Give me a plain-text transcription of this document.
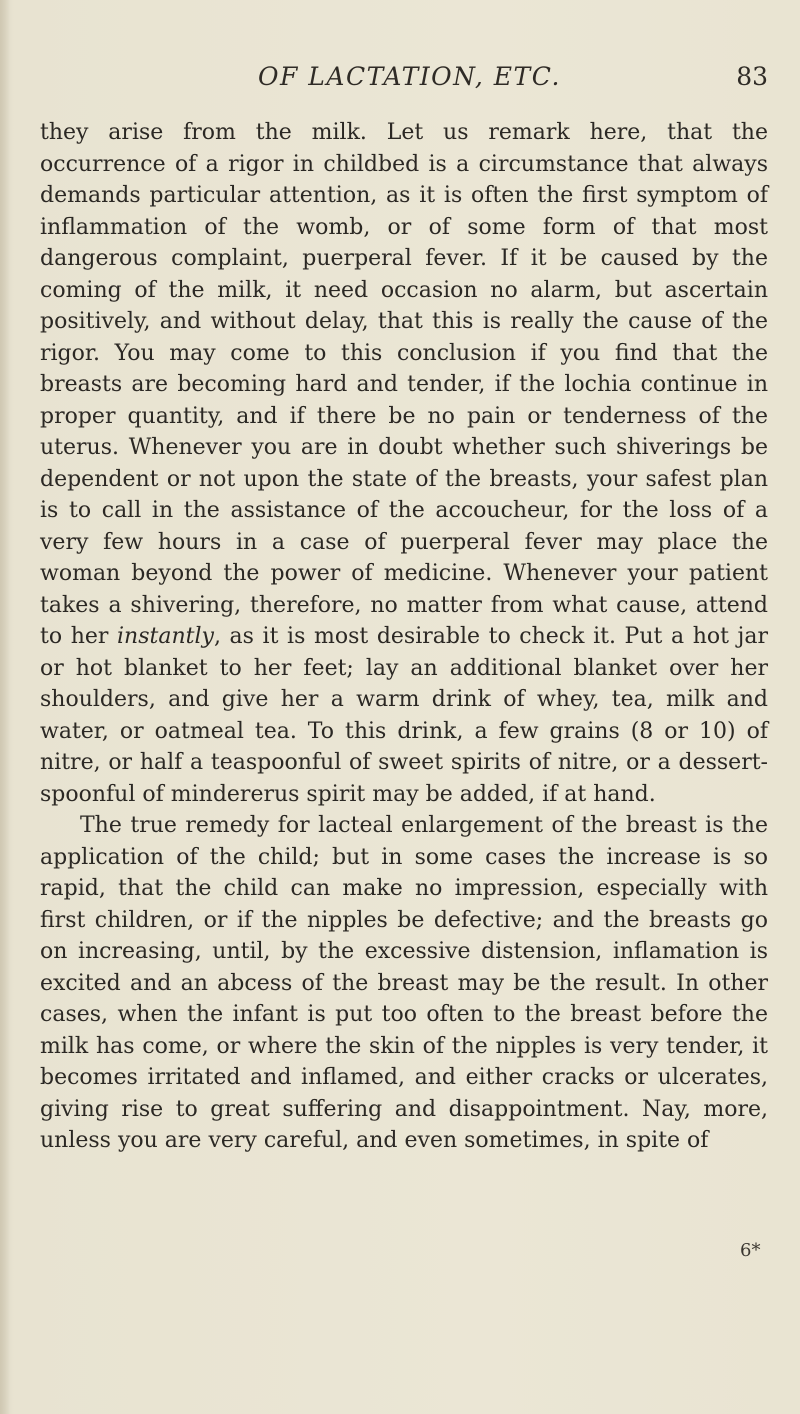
OF LACTATION, ETC.	83

they arise from the milk. Let us remark here, that the occurrence of a rigor in childbed is a circumstance that always demands particular attention, as it is often the first symptom of inflammation of the womb, or of some form of that most dangerous complaint, puerperal fever. If it be caused by the coming of the milk, it need occasion no alarm, but ascertain positively, and without delay, that this is really the cause of the rigor. You may come to this conclusion if you find that the breasts are becoming hard and tender, if the lochia continue in proper quantity, and if there be no pain or tenderness of the uterus. Whenever you are in doubt whether such shiverings be dependent or not upon the state of the breasts, your safest plan is to call in the assistance of the accoucheur, for the loss of a very few hours in a case of puerperal fever may place the woman beyond the power of medicine. Whenever your patient takes a shivering, therefore, no matter from what cause, attend to her instantly, as it is most desirable to check it. Put a hot jar or hot blanket to her feet; lay an additional blanket over her shoulders, and give her a warm drink of whey, tea, milk and water, or oatmeal tea. To this drink, a few grains (8 or 10) of nitre, or half a teaspoonful of sweet spirits of nitre, or a dessert-spoonful of mindererus spirit may be added, if at hand.

The true remedy for lacteal enlargement of the breast is the application of the child; but in some cases the increase is so rapid, that the child can make no impression, especially with first children, or if the nipples be defective; and the breasts go on increasing, until, by the excessive distension, inflamation is excited and an abcess of the breast may be the result. In other cases, when the infant is put too often to the breast before the milk has come, or where the skin of the nipples is very tender, it becomes irritated and inflamed, and either cracks or ulcerates, giving rise to great suffering and disappointment. Nay, more, unless you are very careful, and even sometimes, in spite of

6*
